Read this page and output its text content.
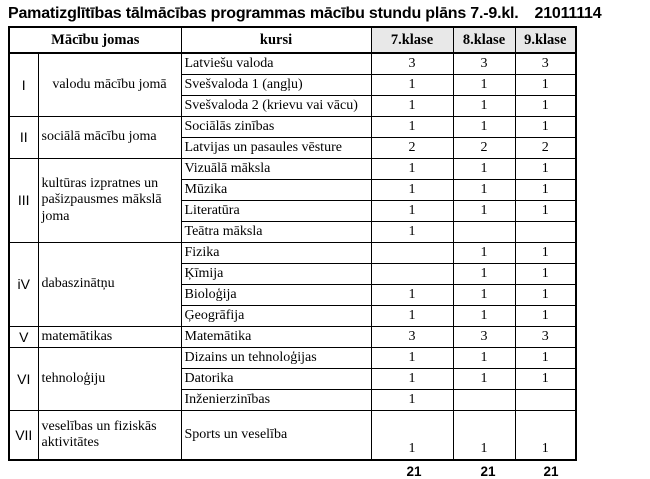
Pamatizglītības tālmācības programmas mācību stundu plāns 7.-9.kl. 21011114
Mācību jomas		kursi	7.klase	8.klase	9.klase
I	valodu mācību jomā	Latviešu valoda	3	3	3
		Svešvaloda 1 (angļu)	1	1	1
		Svešvaloda 2 (krievu vai vācu)	1	1	1
II	sociālā mācību joma	Sociālās zinības	1	1	1
		Latvijas un pasaules vēsture	2	2	2
III	kultūras izpratnes un pašizpausmes mākslā joma	Vizuālā māksla	1	1	1
		Mūzika	1	1	1
		Literatūra	1	1	1
		Teātra māksla	1		
iV	dabaszinātņu	Fizika		1	1
		Ķīmija		1	1
		Bioloģija	1	1	1
		Ģeogrāfija	1	1	1
V	matemātikas	Matemātika	3	3	3
VI	tehnoloģiju	Dizains un tehnoloģijas	1	1	1
		Datorika	1	1	1
		Inženierzinības	1		
VII	veselības un fiziskās aktivitātes	Sports un veselība	1	1	1
21	21	21
